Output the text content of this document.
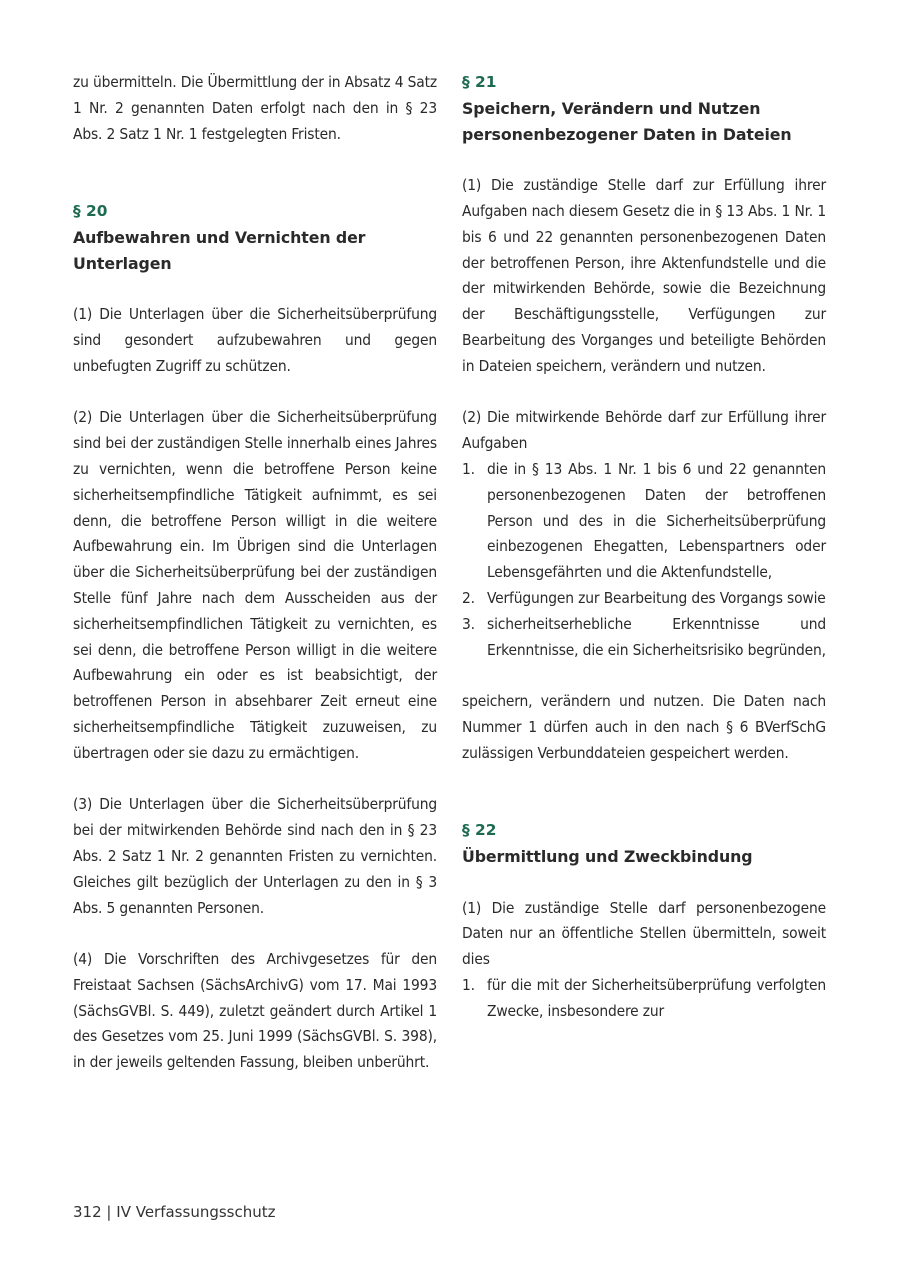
zu übermitteln. Die Übermittlung der in Absatz 4 Satz 1 Nr. 2 genannten Daten erfolgt nach den in § 23 Abs. 2 Satz 1 Nr. 1 festgelegten Fristen.

§ 20
Aufbewahren und Vernichten der Unterlagen

(1) Die Unterlagen über die Sicherheitsüberprüfung sind gesondert aufzubewahren und gegen unbefugten Zugriff zu schützen.

(2) Die Unterlagen über die Sicherheitsüberprüfung sind bei der zuständigen Stelle innerhalb eines Jahres zu vernichten, wenn die betroffene Person keine sicherheitsempfindliche Tätigkeit aufnimmt, es sei denn, die betroffene Person willigt in die weitere Aufbewahrung ein. Im Übrigen sind die Unterlagen über die Sicherheitsüberprüfung bei der zuständigen Stelle fünf Jahre nach dem Ausscheiden aus der sicherheitsempfindlichen Tätigkeit zu vernichten, es sei denn, die betroffene Person willigt in die weitere Aufbewahrung ein oder es ist beabsichtigt, der betroffenen Person in absehbarer Zeit erneut eine sicherheitsempfindliche Tätigkeit zuzuweisen, zu übertragen oder sie dazu zu ermächtigen.

(3) Die Unterlagen über die Sicherheitsüberprüfung bei der mitwirkenden Behörde sind nach den in § 23 Abs. 2 Satz 1 Nr. 2 genannten Fristen zu vernichten. Gleiches gilt bezüglich der Unterlagen zu den in § 3 Abs. 5 genannten Personen.

(4) Die Vorschriften des Archivgesetzes für den Freistaat Sachsen (SächsArchivG) vom 17. Mai 1993 (SächsGVBl. S. 449), zuletzt geändert durch Artikel 1 des Gesetzes vom 25. Juni 1999 (SächsGVBl. S. 398), in der jeweils geltenden Fassung, bleiben unberührt.

§ 21
Speichern, Verändern und Nutzen personenbezogener Daten in Dateien

(1) Die zuständige Stelle darf zur Erfüllung ihrer Aufgaben nach diesem Gesetz die in § 13 Abs. 1 Nr. 1 bis 6 und 22 genannten personenbezogenen Daten der betroffenen Person, ihre Aktenfundstelle und die der mitwirkenden Behörde, sowie die Bezeichnung der Beschäftigungsstelle, Verfügungen zur Bearbeitung des Vorganges und beteiligte Behörden in Dateien speichern, verändern und nutzen.

(2) Die mitwirkende Behörde darf zur Erfüllung ihrer Aufgaben

1. die in § 13 Abs. 1 Nr. 1 bis 6 und 22 genannten personenbezogenen Daten der betroffenen Person und des in die Sicherheitsüberprüfung einbezogenen Ehegatten, Lebenspartners oder Lebensgefährten und die Aktenfundstelle,
2. Verfügungen zur Bearbeitung des Vorgangs sowie
3. sicherheitserhebliche Erkenntnisse und Erkenntnisse, die ein Sicherheitsrisiko begründen,

speichern, verändern und nutzen. Die Daten nach Nummer 1 dürfen auch in den nach § 6 BVerfSchG zulässigen Verbunddateien gespeichert werden.

§ 22
Übermittlung und Zweckbindung

(1) Die zuständige Stelle darf personenbezogene Daten nur an öffentliche Stellen übermitteln, soweit dies

1. für die mit der Sicherheitsüberprüfung verfolgten Zwecke, insbesondere zur
312 | IV Verfassungsschutz
